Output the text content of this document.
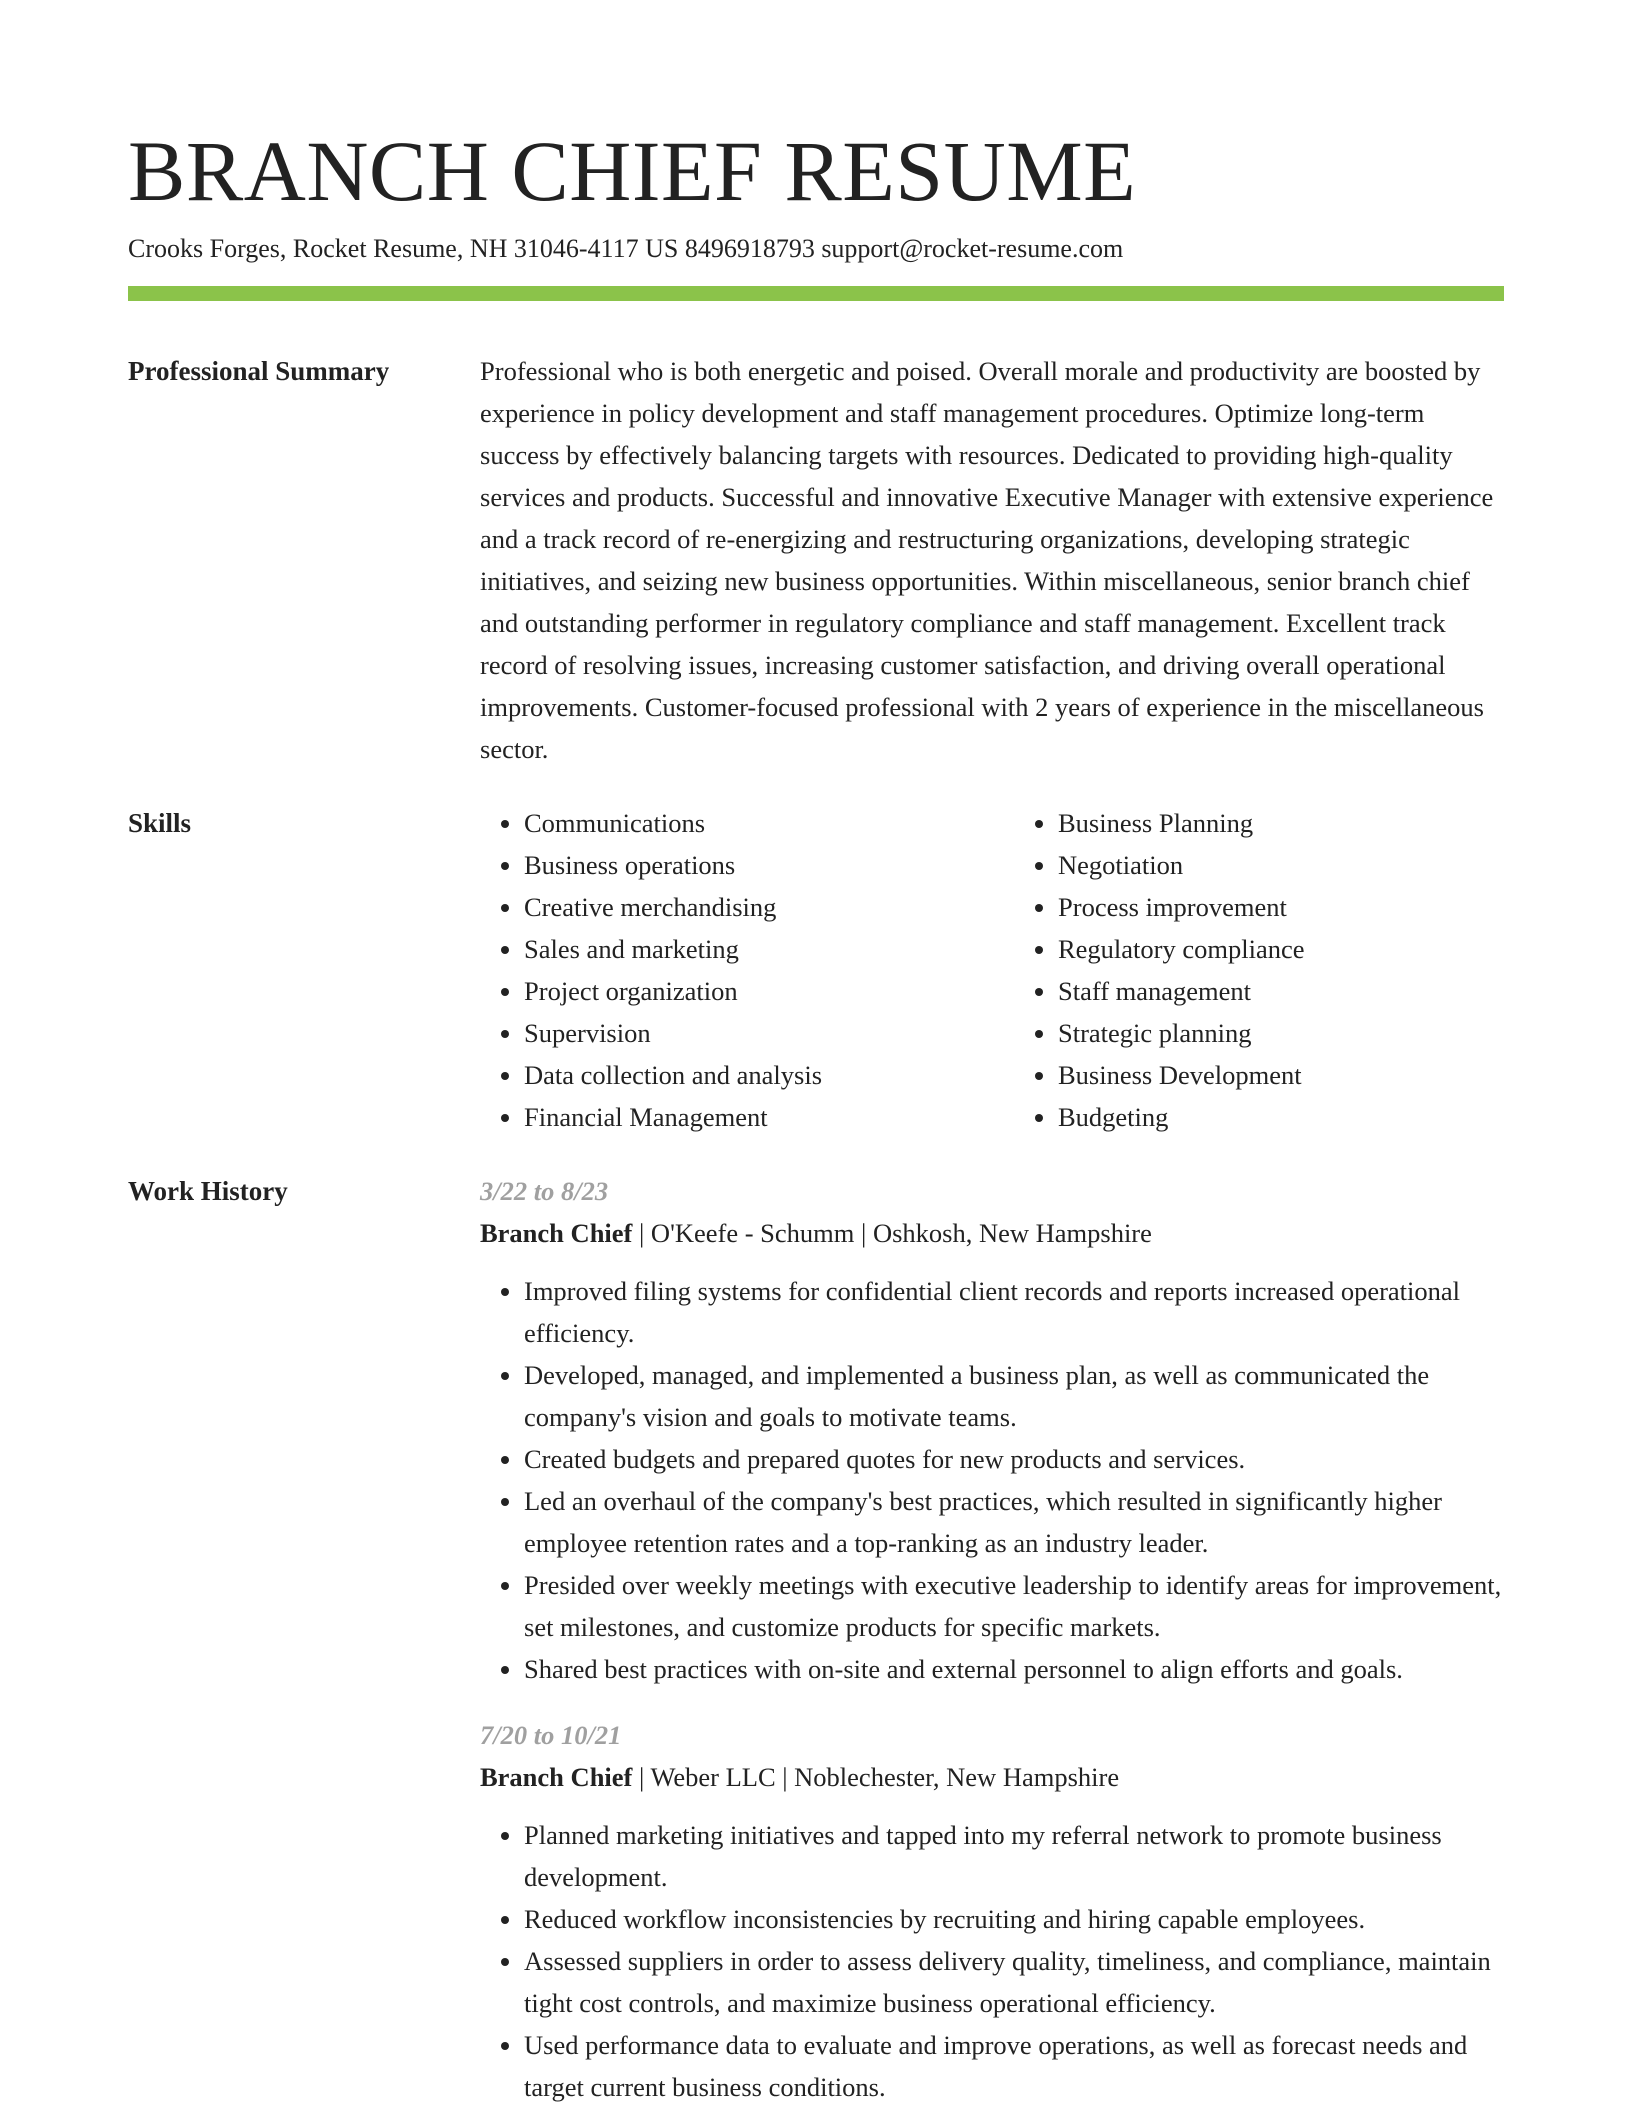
BRANCH CHIEF RESUME
Crooks Forges, Rocket Resume, NH 31046-4117 US 8496918793 support@rocket-resume.com
Professional Summary	Professional who is both energetic and poised. Overall morale and productivity are boosted by experience in policy development and staff management procedures. Optimize long-term success by effectively balancing targets with resources. Dedicated to providing high-quality services and products. Successful and innovative Executive Manager with extensive experience and a track record of re-energizing and restructuring organizations, developing strategic initiatives, and seizing new business opportunities. Within miscellaneous, senior branch chief and outstanding performer in regulatory compliance and staff management. Excellent track record of resolving issues, increasing customer satisfaction, and driving overall operational improvements. Customer-focused professional with 2 years of experience in the miscellaneous sector.

Skills
•	Communications
• Business operations
• Creative merchandising
• Sales and marketing
• Project organization
• Supervision
• Data collection and analysis
• Financial Management
• Business Planning
• Negotiation
• Process improvement
• Regulatory compliance
• Staff management
• Strategic planning
• Business Development
• Budgeting
Work History	3/22 to 8/23
Branch Chief | O'Keefe - Schumm | Oshkosh, New Hampshire
• Improved filing systems for confidential client records and reports increased operational efficiency.
• Developed, managed, and implemented a business plan, as well as communicated the company's vision and goals to motivate teams.
• Created budgets and prepared quotes for new products and services.
• Led an overhaul of the company's best practices, which resulted in significantly higher employee retention rates and a top-ranking as an industry leader.
• Presided over weekly meetings with executive leadership to identify areas for improvement, set milestones, and customize products for specific markets.
• Shared best practices with on-site and external personnel to align efforts and goals.
7/20 to 10/21
Branch Chief | Weber LLC | Noblechester, New Hampshire
• Planned marketing initiatives and tapped into my referral network to promote business development.
• Reduced workflow inconsistencies by recruiting and hiring capable employees.
• Assessed suppliers in order to assess delivery quality, timeliness, and compliance, maintain tight cost controls, and maximize business operational efficiency.
• Used performance data to evaluate and improve operations, as well as forecast needs and target current business conditions.
